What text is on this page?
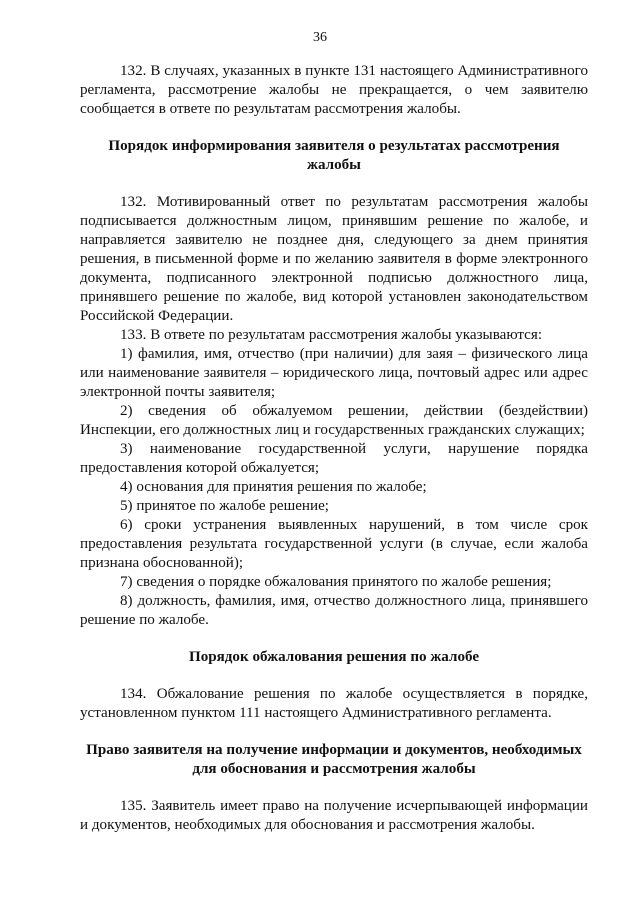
36

132. В случаях, указанных в пункте 131 настоящего Административного регламента, рассмотрение жалобы не прекращается, о чем заявителю сообщается в ответе по результатам рассмотрения жалобы.

Порядок информирования заявителя о результатах рассмотрения жалобы

132. Мотивированный ответ по результатам рассмотрения жалобы подписывается должностным лицом, принявшим решение по жалобе, и направляется заявителю не позднее дня, следующего за днем принятия решения, в письменной форме и по желанию заявителя в форме электронного документа, подписанного электронной подписью должностного лица, принявшего решение по жалобе, вид которой установлен законодательством Российской Федерации.

133. В ответе по результатам рассмотрения жалобы указываются:

1) фамилия, имя, отчество (при наличии) для заяя – физического лица или наименование заявителя – юридического лица, почтовый адрес или адрес электронной почты заявителя;

2) сведения об обжалуемом решении, действии (бездействии) Инспекции, его должностных лиц и государственных гражданских служащих;

3) наименование государственной услуги, нарушение порядка предоставления которой обжалуется;

4) основания для принятия решения по жалобе;

5) принятое по жалобе решение;

6) сроки устранения выявленных нарушений, в том числе срок предоставления результата государственной услуги (в случае, если жалоба признана обоснованной);

7) сведения о порядке обжалования принятого по жалобе решения;

8) должность, фамилия, имя, отчество должностного лица, принявшего решение по жалобе.

Порядок обжалования решения по жалобе

134. Обжалование решения по жалобе осуществляется в порядке, установленном пунктом 111 настоящего Административного регламента.

Право заявителя на получение информации и документов, необходимых для обоснования и рассмотрения жалобы

135. Заявитель имеет право на получение исчерпывающей информации и документов, необходимых для обоснования и рассмотрения жалобы.
